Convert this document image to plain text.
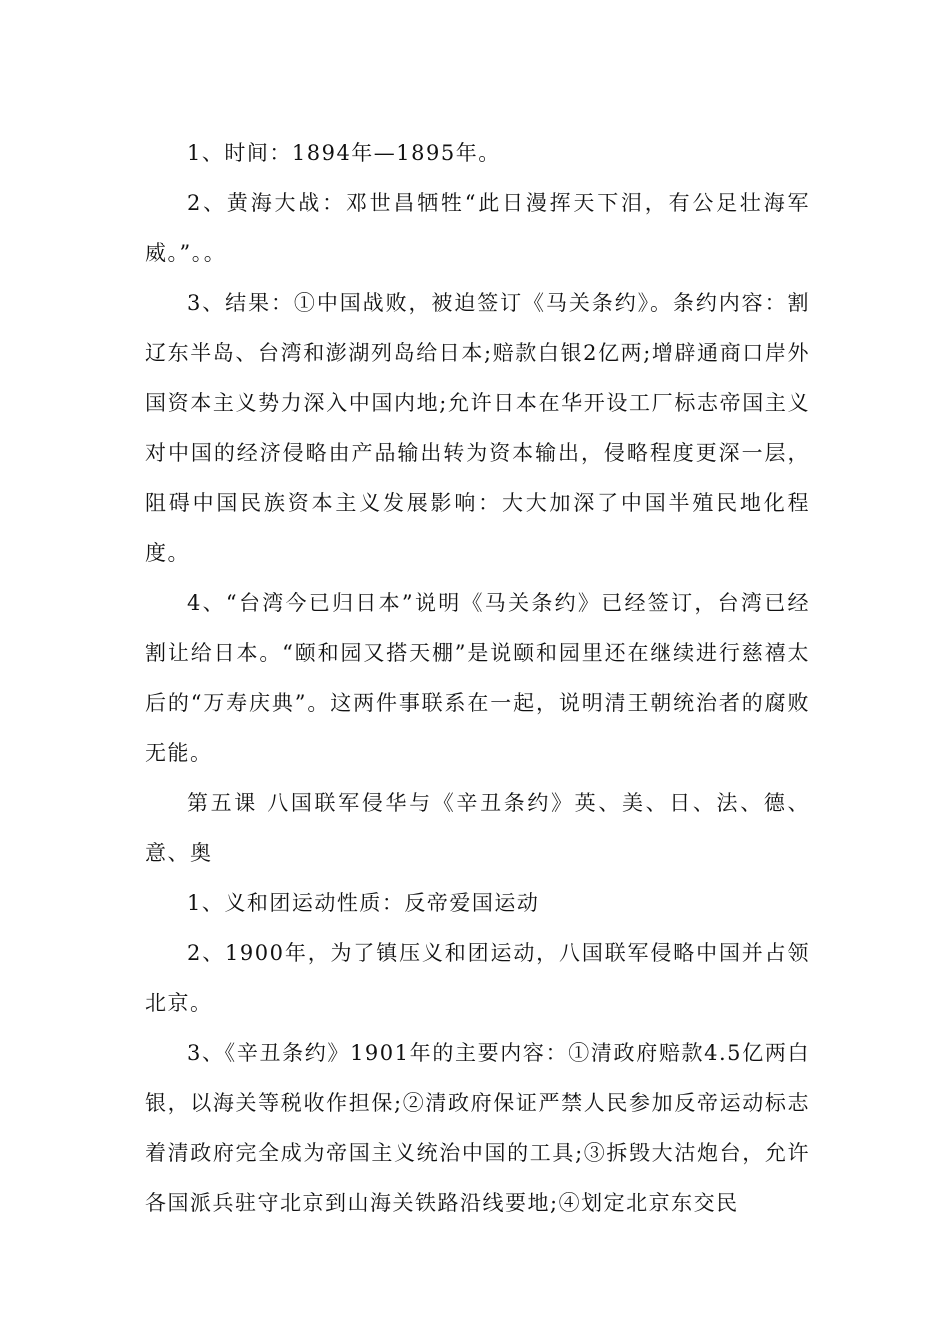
1、时间：1894年—1895年。

2、黄海大战：邓世昌牺牲“此日漫挥天下泪，有公足壮海军威。”。。

3、结果：①中国战败，被迫签订《马关条约》。条约内容：割辽东半岛、台湾和澎湖列岛给日本;赔款白银2亿两;增辟通商口岸外国资本主义势力深入中国内地;允许日本在华开设工厂标志帝国主义对中国的经济侵略由产品输出转为资本输出，侵略程度更深一层，阻碍中国民族资本主义发展影响：大大加深了中国半殖民地化程度。

4、“台湾今已归日本”说明《马关条约》已经签订，台湾已经割让给日本。“颐和园又搭天棚”是说颐和园里还在继续进行慈禧太后的“万寿庆典”。这两件事联系在一起，说明清王朝统治者的腐败无能。

第五课 八国联军侵华与《辛丑条约》英、美、日、法、德、意、奥

1、义和团运动性质：反帝爱国运动

2、1900年，为了镇压义和团运动，八国联军侵略中国并占领北京。

3、《辛丑条约》1901年的主要内容：①清政府赔款4.5亿两白银，以海关等税收作担保;②清政府保证严禁人民参加反帝运动标志着清政府完全成为帝国主义统治中国的工具;③拆毁大沽炮台，允许各国派兵驻守北京到山海关铁路沿线要地;④划定北京东交民
